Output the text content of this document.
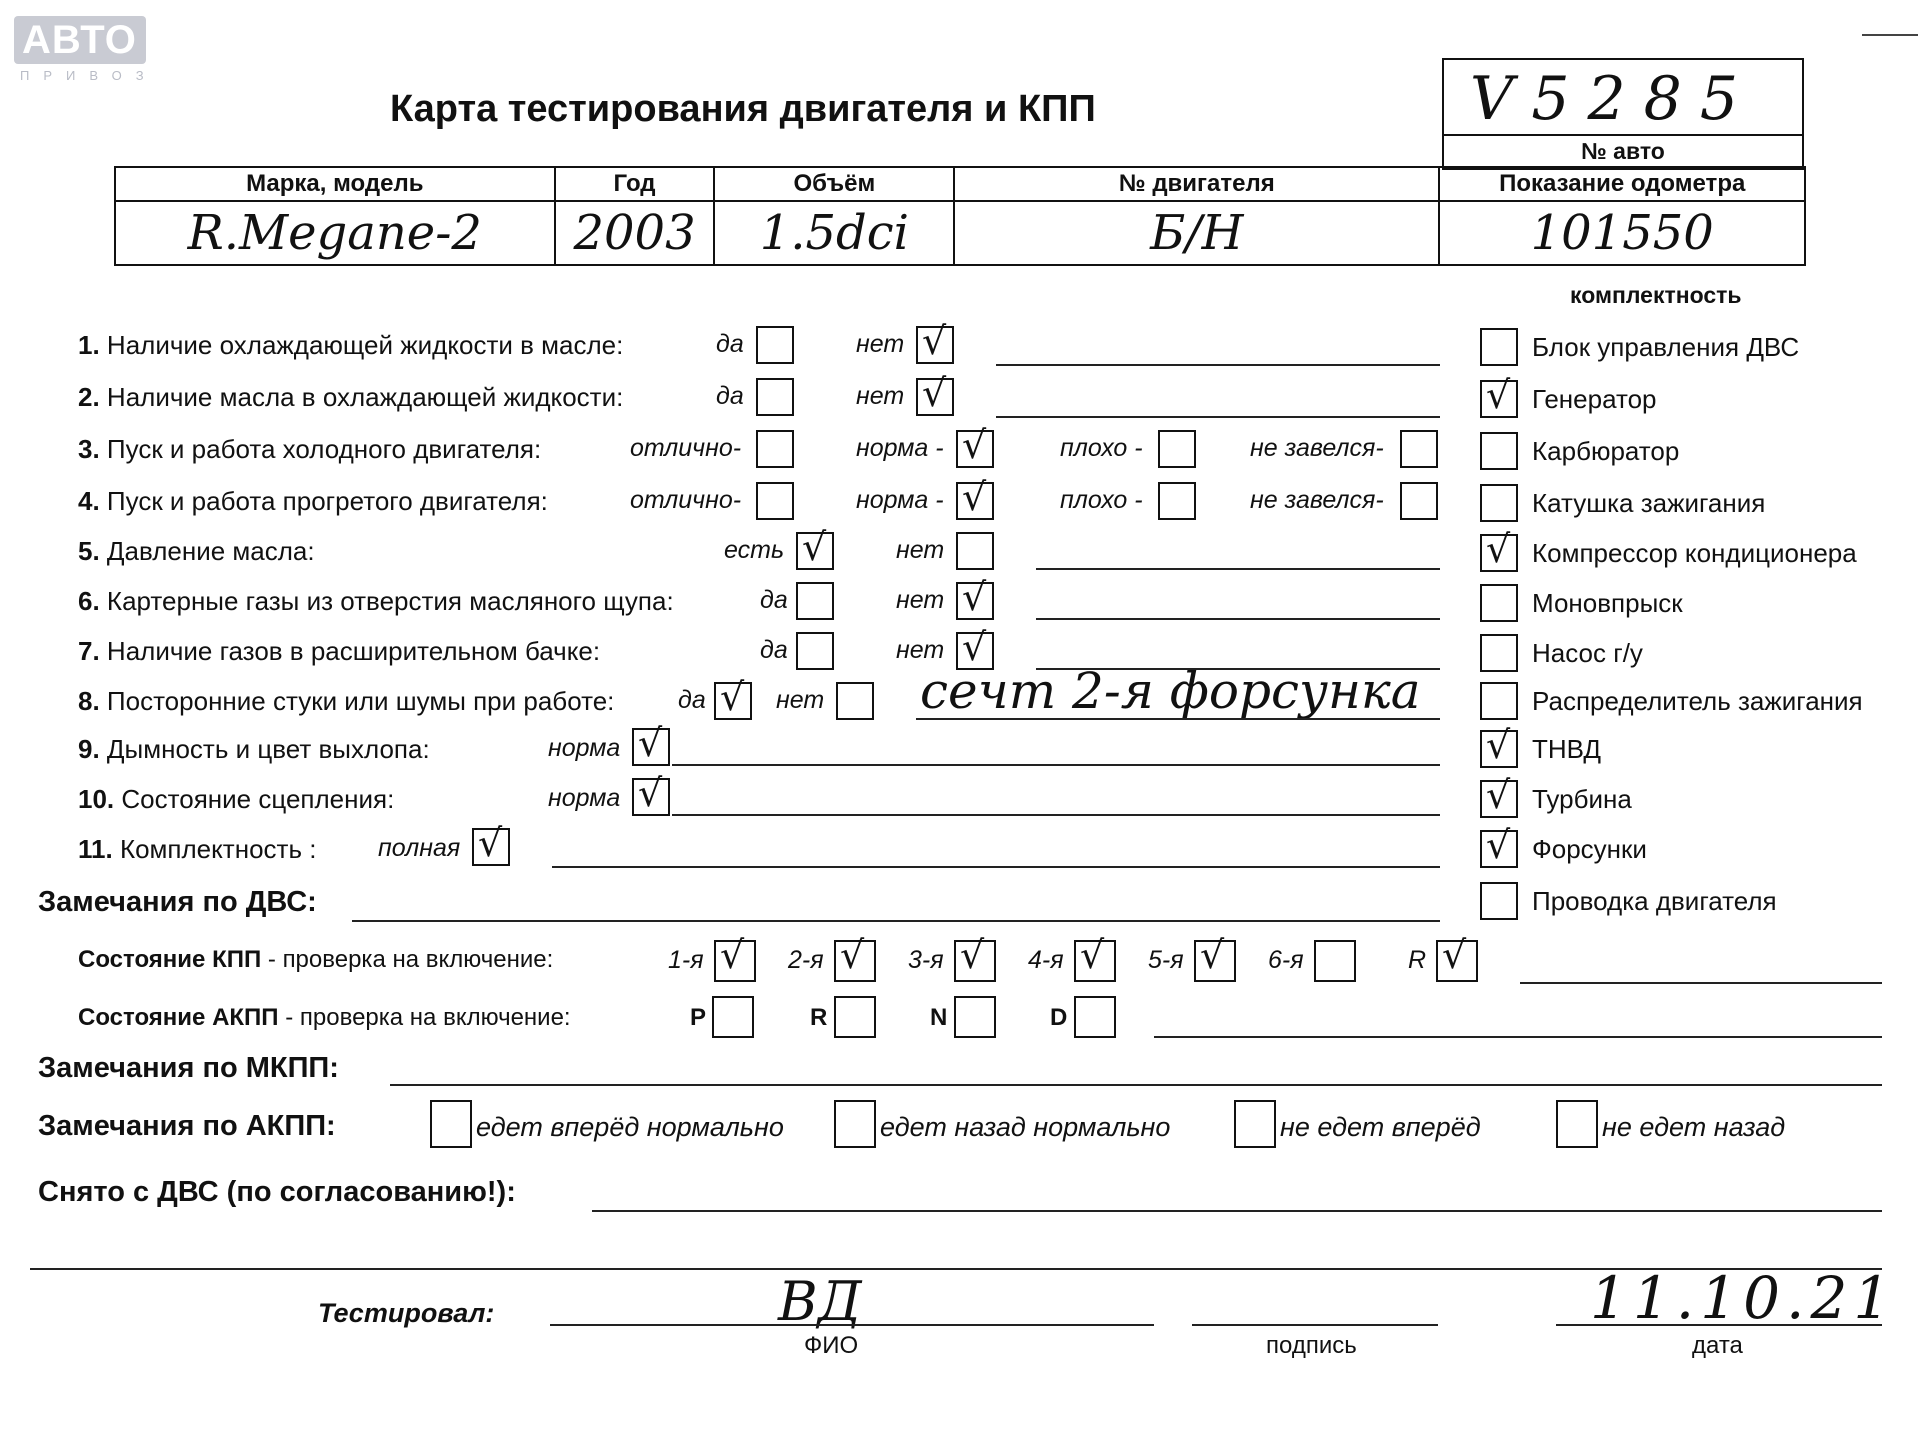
АВТО
ПРИВОЗ
Карта тестирования двигателя и КПП	V5285
№ авто
Марка, модель	Год	Объём	№ двигателя	Показание одометра
R.Megane-2	2003	1.5dci	Б/Н	101550
комплектность
1. Наличие охлаждающей жидкости в масле:	да	нет √
2. Наличие масла в охлаждающей жидкости:	да	нет √
3. Пуск и работа холодного двигателя:	отлично-	норма - √	плохо -	не завелся-
4. Пуск и работа прогретого двигателя:	отлично-	норма - √	плохо -	не завелся-
5. Давление масла:	есть √	нет
6. Картерные газы из отверстия масляного щупа:	да	нет √
7. Наличие газов в расширительном бачке:	да	нет √
8. Посторонние стуки или шумы при работе:	да √ нет сечт 2-я форсунка
9. Дымность и цвет выхлопа:	норма √
10. Состояние сцепления:	норма √
11. Комплектность : полная √
Блок управления ДВС
√ Генератор
Карбюратор
Катушка зажигания
√ Компрессор кондиционера
Моновпрыск
Насос г/у
Распределитель зажигания
√ ТНВД
√ Турбина
√ Форсунки
Проводка двигателя
Замечания по ДВС:
Состояние КПП - проверка на включение:	1-я √ 2-я √ 3-я √ 4-я √ 5-я √ 6-я	R √
Состояние АКПП - проверка на включение:	P	R	N	D
Замечания по МКПП:
Замечания по АКПП:	едет вперёд нормально	едет назад нормально	не едет вперёд	не едет назад
Снято с ДВС (по согласованию!):
Тестировал:	ВД
ФИО	подпись
11.10.21
дата
